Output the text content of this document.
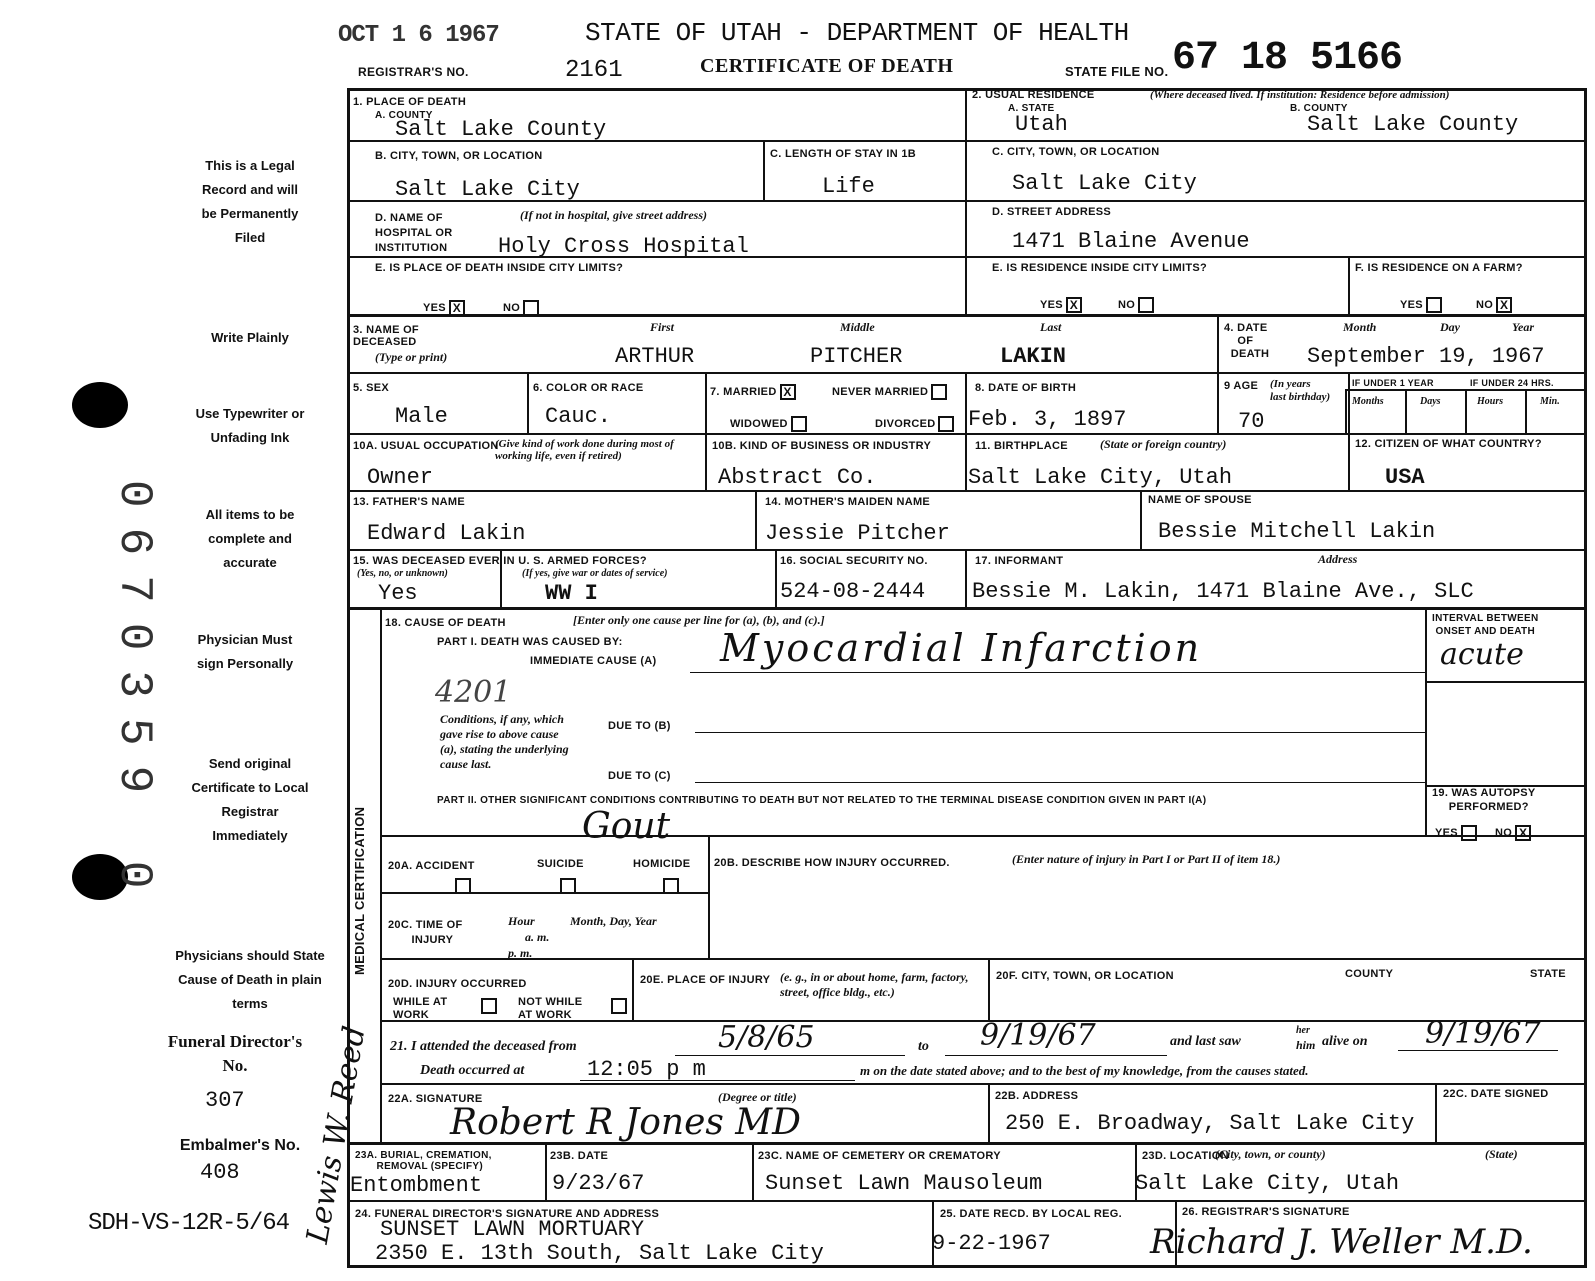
0670359 0
OCT 1 6 1967	STATE OF UTAH - DEPARTMENT OF HEALTH
REGISTRAR'S NO.	2161	CERTIFICATE OF DEATH	STATE FILE NO. 67 18 5166
This is a Legal Record and will be Permanently Filed
Write Plainly
Use Typewriter or Unfading Ink
All items to be complete and accurate
Physician Must sign Personally
Send original Certificate to Local Registrar Immediately
Physicians should State Cause of Death in plain terms
Funeral Director's No.
307
Embalmer's No.
408
SDH-VS-12R-5/64 Lewis W. Reed
1. PLACE OF DEATH
A. COUNTY
Salt Lake County
2. USUAL RESIDENCE	(Where deceased lived. If institution: Residence before admission)
A. STATE
Utah
B. COUNTY
Salt Lake County
B. CITY, TOWN, OR LOCATION
Salt Lake City
C. LENGTH OF STAY IN 1B
Life
C. CITY, TOWN, OR LOCATION
Salt Lake City
D. NAME OF
HOSPITAL OR
INSTITUTION
(If not in hospital, give street address)
Holy Cross Hospital
D. STREET ADDRESS
1471 Blaine Avenue
E. IS PLACE OF DEATH INSIDE CITY LIMITS?
YES X	NO
E. IS RESIDENCE INSIDE CITY LIMITS?
YES X	NO
F. IS RESIDENCE ON A FARM?
YES	NO X
3. NAME OF
DECEASED
(Type or print)
First	Middle	Last
ARTHUR	PITCHER	LAKIN
4. DATE
OF
DEATH
Month	Day	Year
September 19, 1967
5. SEX
Male
6. COLOR OR RACE
Cauc.
7. MARRIED X	NEVER MARRIED
WIDOWED	DIVORCED
8. DATE OF BIRTH
Feb. 3, 1897
9 AGE (In years
last birthday)
70
IF UNDER 1 YEAR	IF UNDER 24 HRS.
Months	Days	Hours	Min.
10A. USUAL OCCUPATION
(Give kind of work done during most of working life, even if retired)
Owner
10B. KIND OF BUSINESS OR INDUSTRY
Abstract Co.
11. BIRTHPLACE	(State or foreign country)
Salt Lake City, Utah
12. CITIZEN OF WHAT COUNTRY?
USA
13. FATHER'S NAME
Edward Lakin
14. MOTHER'S MAIDEN NAME
Jessie Pitcher
NAME OF SPOUSE
Bessie Mitchell Lakin
15. WAS DECEASED EVER IN U. S. ARMED FORCES?
(Yes, no, or unknown)	(If yes, give war or dates of service)
Yes	WW I
16. SOCIAL SECURITY NO.
524-08-2444
17. INFORMANT	Address
Bessie M. Lakin, 1471 Blaine Ave., SLC
MEDICAL CERTIFICATION
18. CAUSE OF DEATH	[Enter only one cause per line for (a), (b), and (c).]
PART I. DEATH WAS CAUSED BY:
IMMEDIATE CAUSE (A) Myocardial Infarction
4201
INTERVAL BETWEEN
ONSET AND DEATH
acute
Conditions, if any, which gave rise to above cause (a), stating the underlying cause last.
DUE TO (B)
DUE TO (C)
PART II. OTHER SIGNIFICANT CONDITIONS CONTRIBUTING TO DEATH BUT NOT RELATED TO THE TERMINAL DISEASE CONDITION GIVEN IN PART I(A)
Gout
19. WAS AUTOPSY
PERFORMED?
YES	NO X
20A. ACCIDENT	SUICIDE	HOMICIDE 20B. DESCRIBE HOW INJURY OCCURRED.	(Enter nature of injury in Part I or Part II of item 18.)
20C. TIME OF
INJURY
Hour
a. m.
p. m.
Month, Day, Year
20D. INJURY OCCURRED
WHILE AT
WORK
NOT WHILE
AT WORK
20E. PLACE OF INJURY (e. g., in or about home, farm, factory, street, office bldg., etc.)
20F. CITY, TOWN, OR LOCATION	COUNTY	STATE
21. I attended the deceased from	5/8/65	to 9/19/67	and last saw
her
him alive on 9/19/67
Death occurred at	12:05 p m	m on the date stated above; and to the best of my knowledge, from the causes stated.
22A. SIGNATURE	(Degree or title)
Robert R Jones MD
22B. ADDRESS
250 E. Broadway, Salt Lake City
22C. DATE SIGNED
23A. BURIAL, CREMATION,
REMOVAL (SPECIFY)
Entombment
23B. DATE
9/23/67
23C. NAME OF CEMETERY OR CREMATORY
Sunset Lawn Mausoleum
23D. LOCATION
(City, town, or county)	(State)
Salt Lake City, Utah
24. FUNERAL DIRECTOR'S SIGNATURE AND ADDRESS
SUNSET LAWN MORTUARY
2350 E. 13th South, Salt Lake City
25. DATE RECD. BY LOCAL REG.
9-22-1967
26. REGISTRAR'S SIGNATURE
Richard J. Weller M.D.
